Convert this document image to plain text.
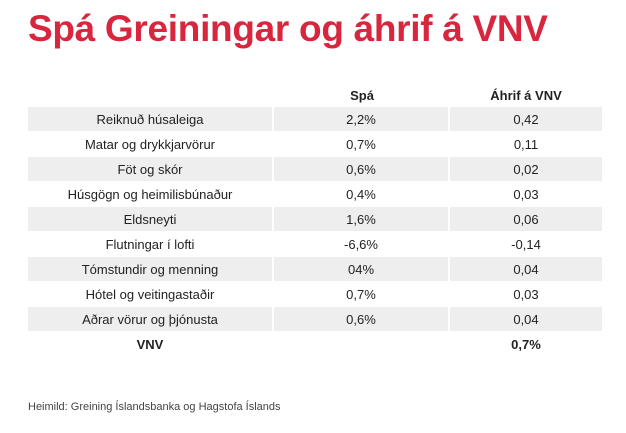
Spá Greiningar og áhrif á VNV
	Spá	Áhrif á VNV
Reiknuð húsaleiga	2,2%	0,42
Matar og drykkjarvörur	0,7%	0,11
Föt og skór	0,6%	0,02
Húsgögn og heimilisbúnaður	0,4%	0,03
Eldsneyti	1,6%	0,06
Flutningar í lofti	-6,6%	-0,14
Tómstundir og menning	04%	0,04
Hótel og veitingastaðir	0,7%	0,03
Aðrar vörur og þjónusta	0,6%	0,04
VNV		0,7%
Heimild: Greining Íslandsbanka og Hagstofa Íslands
